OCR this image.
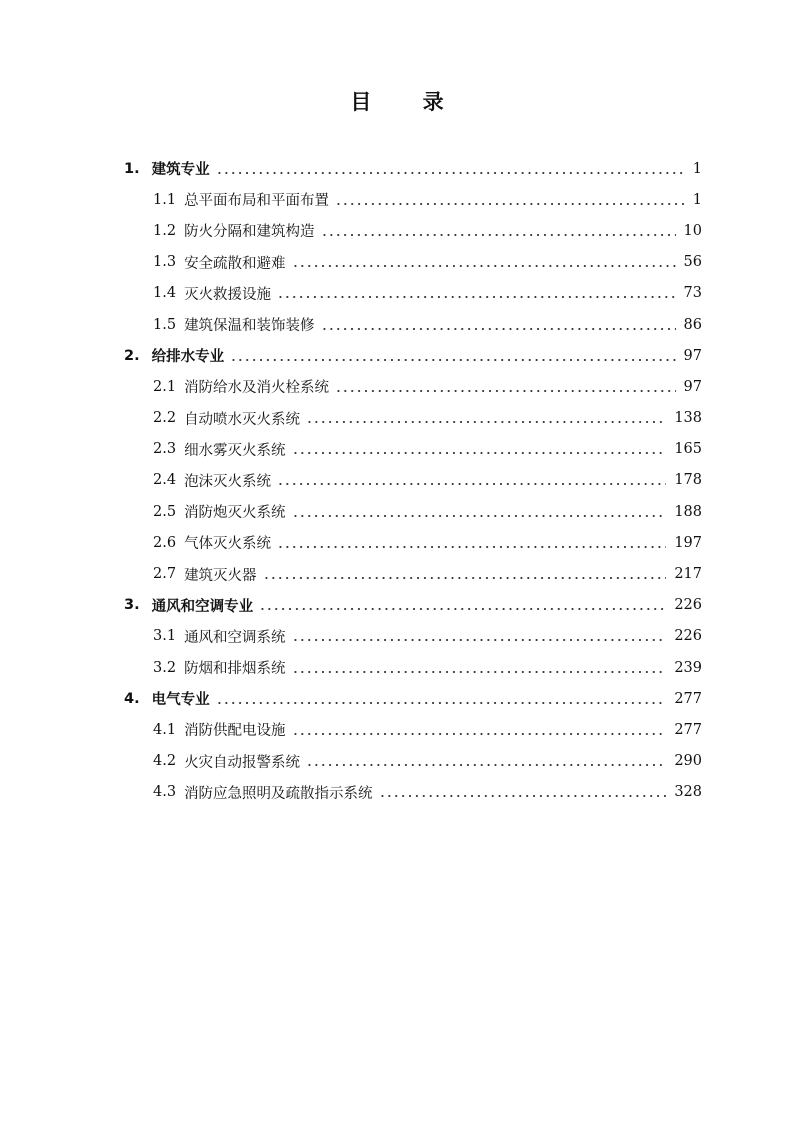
目 录
1. 建筑专业	1
1.1 总平面布局和平面布置	1
1.2 防火分隔和建筑构造	10
1.3 安全疏散和避难	56
1.4 灭火救援设施	73
1.5 建筑保温和装饰装修	86
2. 给排水专业	97
2.1 消防给水及消火栓系统	97
2.2 自动喷水灭火系统	138
2.3 细水雾灭火系统	165
2.4 泡沫灭火系统	178
2.5 消防炮灭火系统	188
2.6 气体灭火系统	197
2.7 建筑灭火器	217
3. 通风和空调专业	226
3.1 通风和空调系统	226
3.2 防烟和排烟系统	239
4. 电气专业	277
4.1 消防供配电设施	277
4.2 火灾自动报警系统	290
4.3 消防应急照明及疏散指示系统	328
